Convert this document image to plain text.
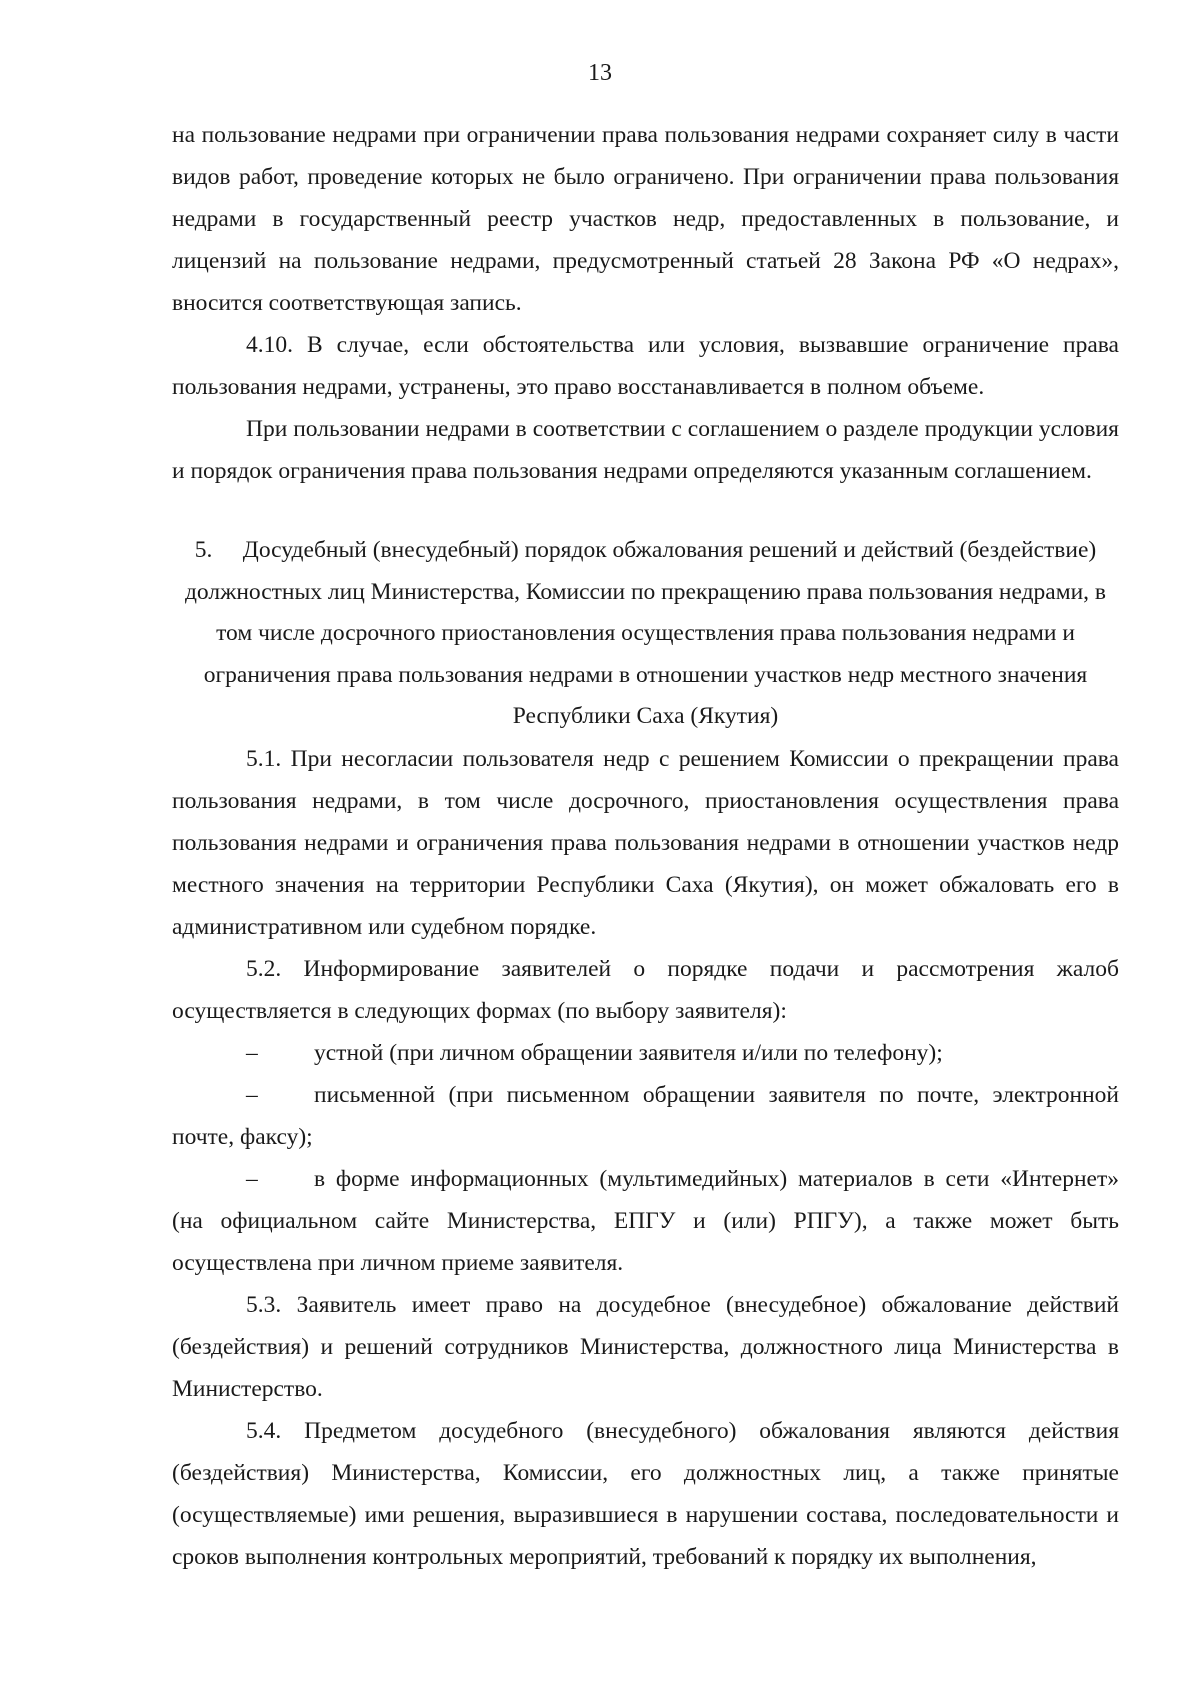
13

на пользование недрами при ограничении права пользования недрами сохраняет силу в части видов работ, проведение которых не было ограничено. При ограничении права пользования недрами в государственный реестр участков недр, предоставленных в пользование, и лицензий на пользование недрами, предусмотренный статьей 28 Закона РФ «О недрах», вносится соответствующая запись.

4.10. В случае, если обстоятельства или условия, вызвавшие ограничение права пользования недрами, устранены, это право восстанавливается в полном объеме.

При пользовании недрами в соответствии с соглашением о разделе продукции условия и порядок ограничения права пользования недрами определяются указанным соглашением.

5. Досудебный (внесудебный) порядок обжалования решений и действий (бездействие) должностных лиц Министерства, Комиссии по прекращению права пользования недрами, в том числе досрочного приостановления осуществления права пользования недрами и ограничения права пользования недрами в отношении участков недр местного значения Республики Саха (Якутия)

5.1. При несогласии пользователя недр с решением Комиссии о прекращении права пользования недрами, в том числе досрочного, приостановления осуществления права пользования недрами и ограничения права пользования недрами в отношении участков недр местного значения на территории Республики Саха (Якутия), он может обжаловать его в административном или судебном порядке.

5.2. Информирование заявителей о порядке подачи и рассмотрения жалоб осуществляется в следующих формах (по выбору заявителя):

– устной (при личном обращении заявителя и/или по телефону);

– письменной (при письменном обращении заявителя по почте, электронной почте, факсу);

– в форме информационных (мультимедийных) материалов в сети «Интернет» (на официальном сайте Министерства, ЕПГУ и (или) РПГУ), а также может быть осуществлена при личном приеме заявителя.

5.3. Заявитель имеет право на досудебное (внесудебное) обжалование действий (бездействия) и решений сотрудников Министерства, должностного лица Министерства в Министерство.

5.4. Предметом досудебного (внесудебного) обжалования являются действия (бездействия) Министерства, Комиссии, его должностных лиц, а также принятые (осуществляемые) ими решения, выразившиеся в нарушении состава, последовательности и сроков выполнения контрольных мероприятий, требований к порядку их выполнения,
